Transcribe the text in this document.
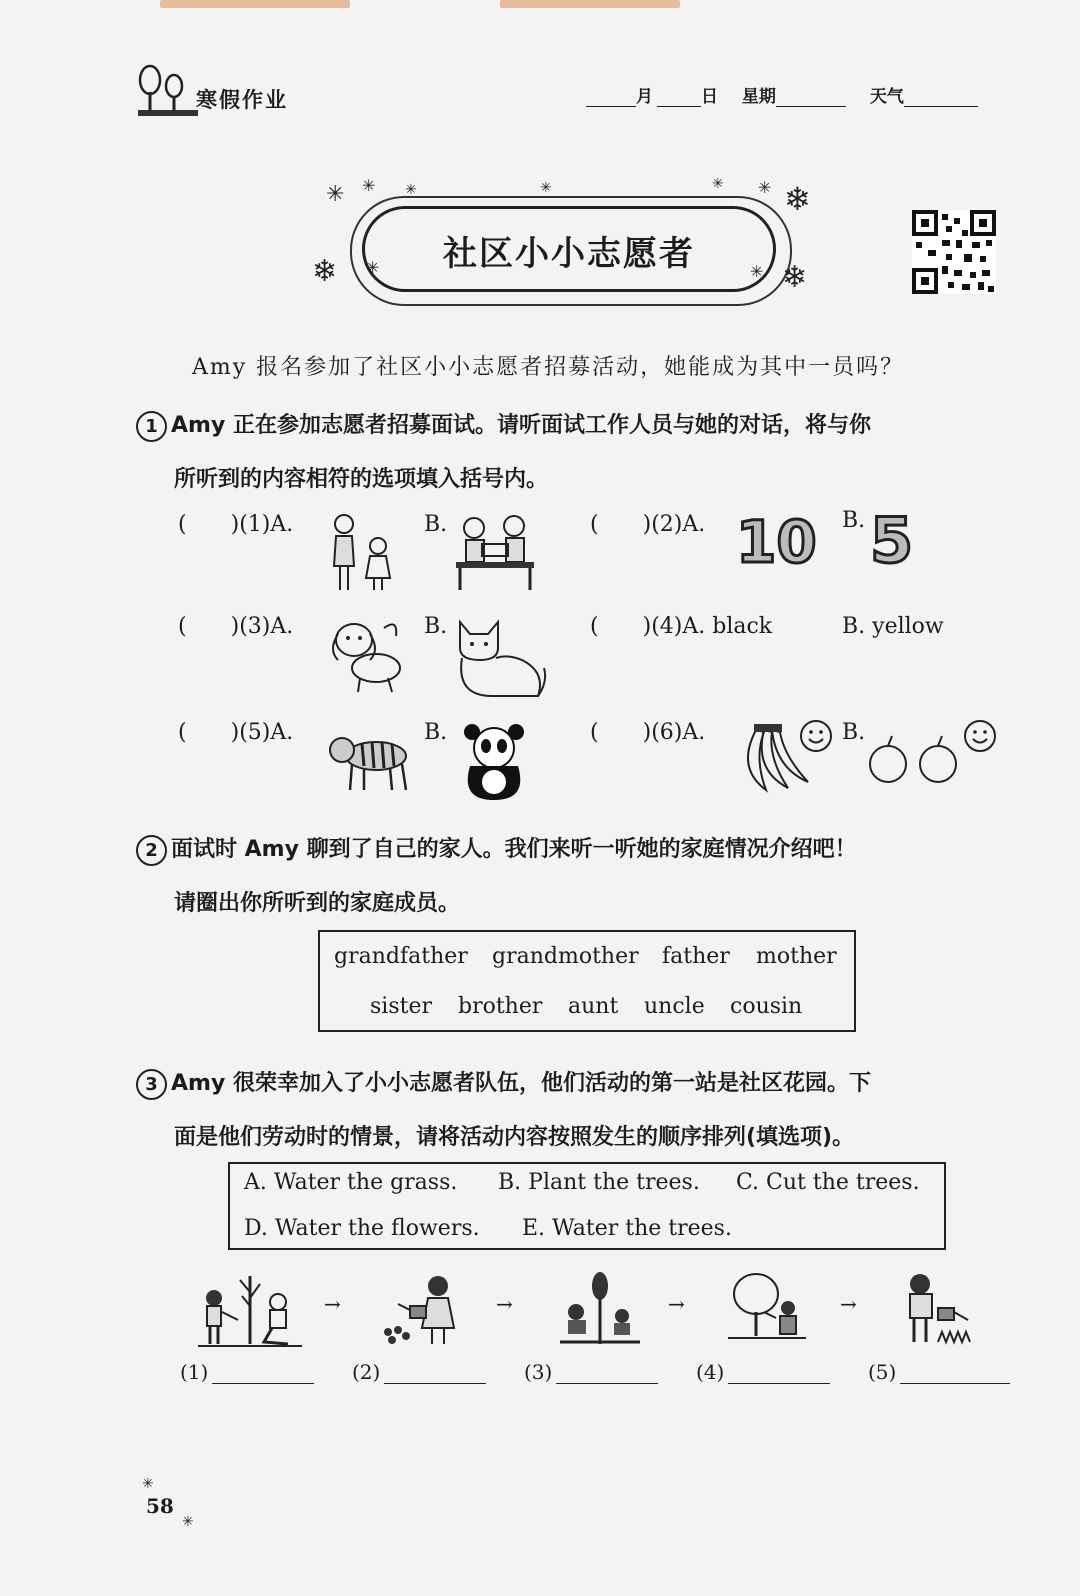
寒假作业	月	日 星期	天气
社区小小志愿者
✳ ✳ ✳	✳	✳ ✳ ❄
❄ ✳	✳ ❄
Amy 报名参加了社区小小志愿者招募活动，她能成为其中一员吗？
1 Amy 正在参加志愿者招募面试。请听面试工作人员与她的对话，将与你
所听到的内容相符的选项填入括号内。
( )(1)A.	B.	( )(2)A. 10 B. 5
( )(3)A.	B.	( )(4)A. black	B. yellow
( )(5)A.	B.	( )(6)A.	B.
2 面试时 Amy 聊到了自己的家人。我们来听一听她的家庭情况介绍吧！
请圈出你所听到的家庭成员。
grandfather grandmother father mother
sister brother aunt uncle cousin
3 Amy 很荣幸加入了小小志愿者队伍，他们活动的第一站是社区花园。下
面是他们劳动时的情景，请将活动内容按照发生的顺序排列(填选项)。
A. Water the grass. B. Plant the trees. C. Cut the trees.
D. Water the flowers. E. Water the trees.
→	→	→	→
(1)	(2)	(3)	(4)	(5)
✳
✳
58
